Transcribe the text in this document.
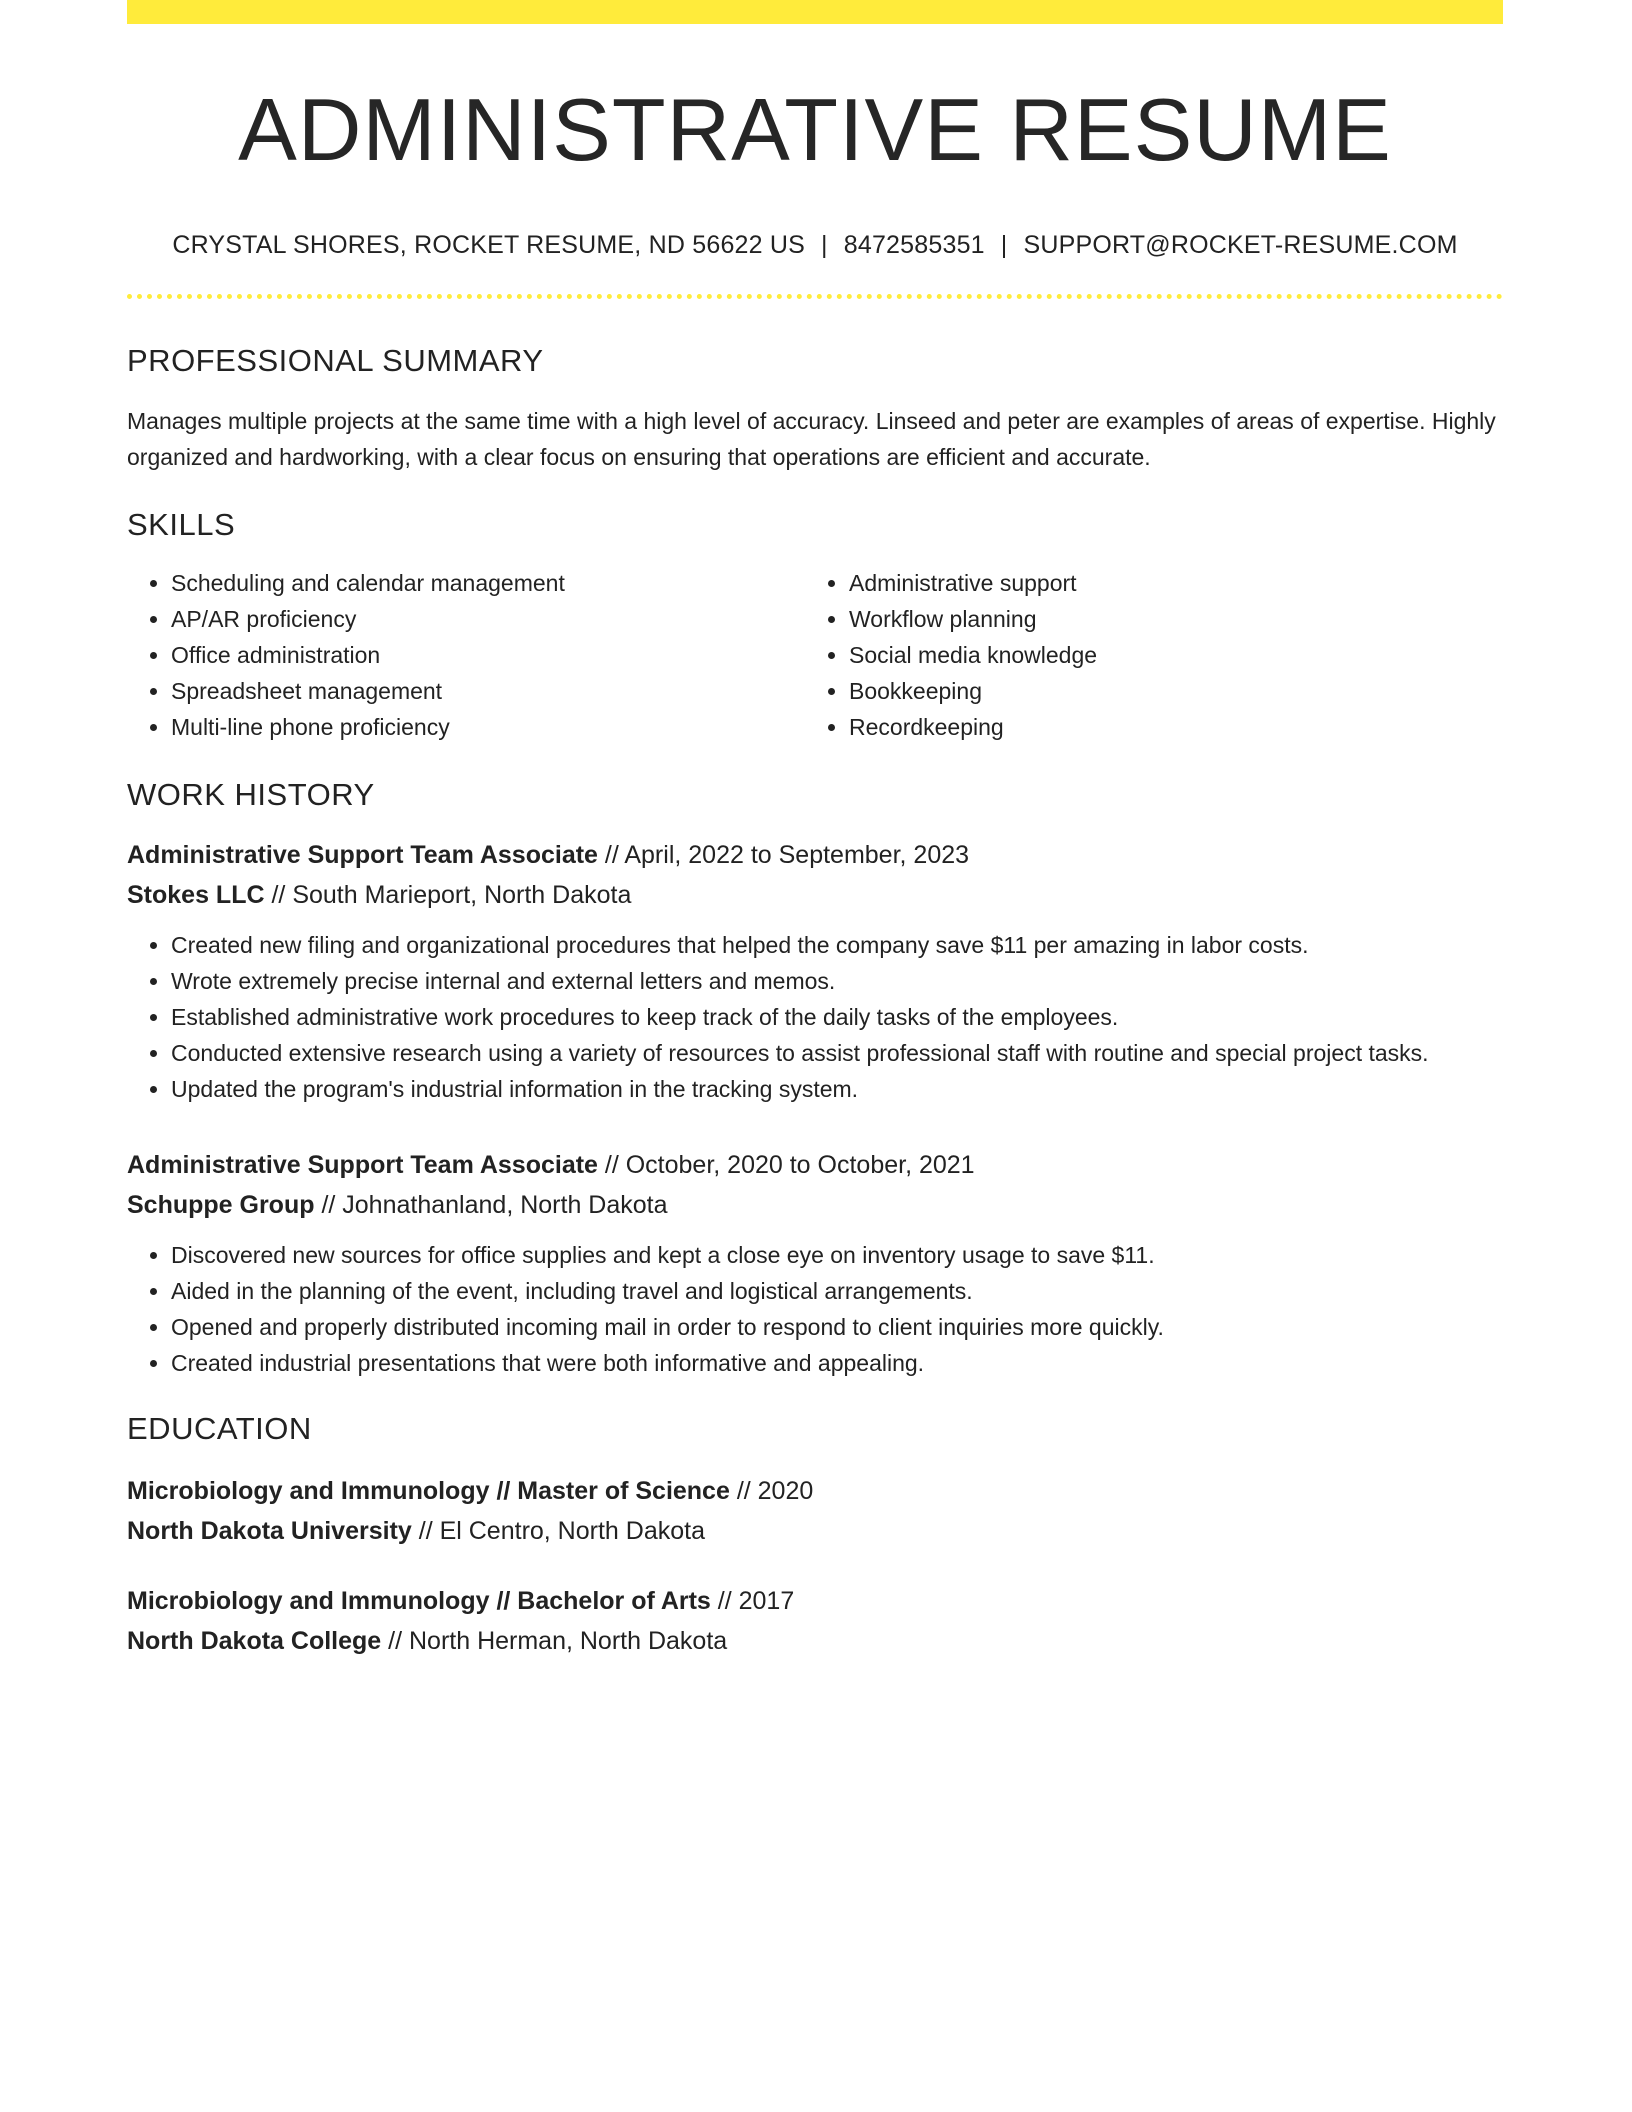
ADMINISTRATIVE RESUME
CRYSTAL SHORES, ROCKET RESUME, ND 56622 US | 8472585351 | SUPPORT@ROCKET-RESUME.COM
PROFESSIONAL SUMMARY

Manages multiple projects at the same time with a high level of accuracy. Linseed and peter are examples of areas of expertise. Highly organized and hardworking, with a clear focus on ensuring that operations are efficient and accurate.

SKILLS
• Scheduling and calendar management
• AP/AR proficiency
• Office administration
• Spreadsheet management
• Multi-line phone proficiency
• Administrative support
• Workflow planning
• Social media knowledge
• Bookkeeping
• Recordkeeping
WORK HISTORY
Administrative Support Team Associate // April, 2022 to September, 2023
Stokes LLC // South Marieport, North Dakota
• Created new filing and organizational procedures that helped the company save $11 per amazing in labor costs.
• Wrote extremely precise internal and external letters and memos.
• Established administrative work procedures to keep track of the daily tasks of the employees.
• Conducted extensive research using a variety of resources to assist professional staff with routine and special project tasks.
• Updated the program's industrial information in the tracking system.
Administrative Support Team Associate // October, 2020 to October, 2021
Schuppe Group // Johnathanland, North Dakota
• Discovered new sources for office supplies and kept a close eye on inventory usage to save $11.
• Aided in the planning of the event, including travel and logistical arrangements.
• Opened and properly distributed incoming mail in order to respond to client inquiries more quickly.
• Created industrial presentations that were both informative and appealing.
EDUCATION
Microbiology and Immunology // Master of Science // 2020
North Dakota University // El Centro, North Dakota
Microbiology and Immunology // Bachelor of Arts // 2017
North Dakota College // North Herman, North Dakota
